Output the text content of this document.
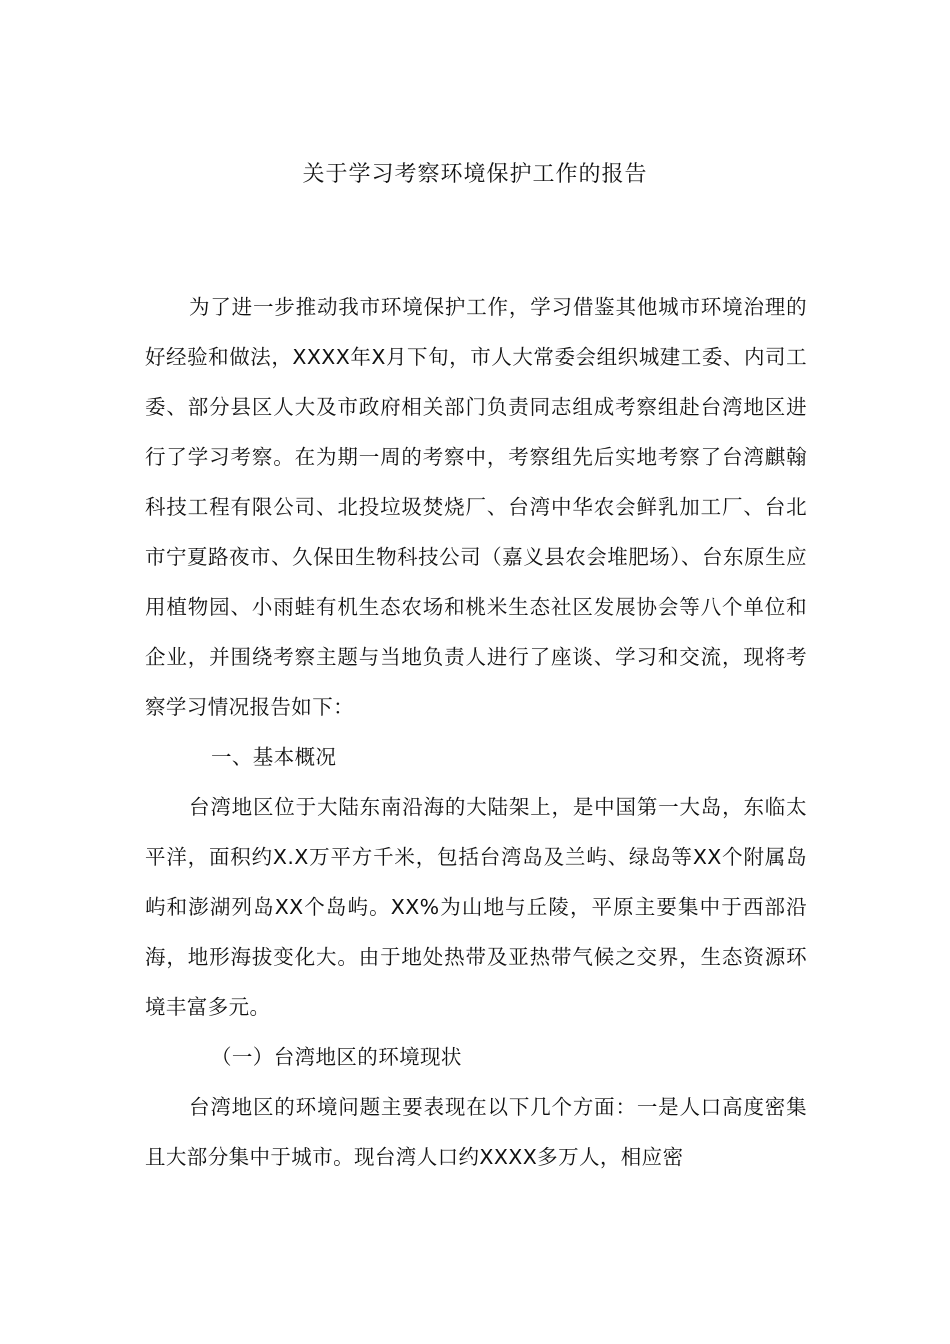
关于学习考察环境保护工作的报告

为了进一步推动我市环境保护工作，学习借鉴其他城市环境治理的好经验和做法，XXXX年X月下旬，市人大常委会组织城建工委、内司工委、部分县区人大及市政府相关部门负责同志组成考察组赴台湾地区进行了学习考察。在为期一周的考察中，考察组先后实地考察了台湾麒翰科技工程有限公司、北投垃圾焚烧厂、台湾中华农会鲜乳加工厂、台北市宁夏路夜市、久保田生物科技公司（嘉义县农会堆肥场）、台东原生应用植物园、小雨蛙有机生态农场和桃米生态社区发展协会等八个单位和企业，并围绕考察主题与当地负责人进行了座谈、学习和交流，现将考察学习情况报告如下：

一、基本概况

台湾地区位于大陆东南沿海的大陆架上，是中国第一大岛，东临太平洋，面积约X.X万平方千米，包括台湾岛及兰屿、绿岛等XX个附属岛屿和澎湖列岛XX个岛屿。XX%为山地与丘陵，平原主要集中于西部沿海，地形海拔变化大。由于地处热带及亚热带气候之交界，生态资源环境丰富多元。

（一）台湾地区的环境现状

台湾地区的环境问题主要表现在以下几个方面：一是人口高度密集且大部分集中于城市。现台湾人口约XXXX多万人，相应密
